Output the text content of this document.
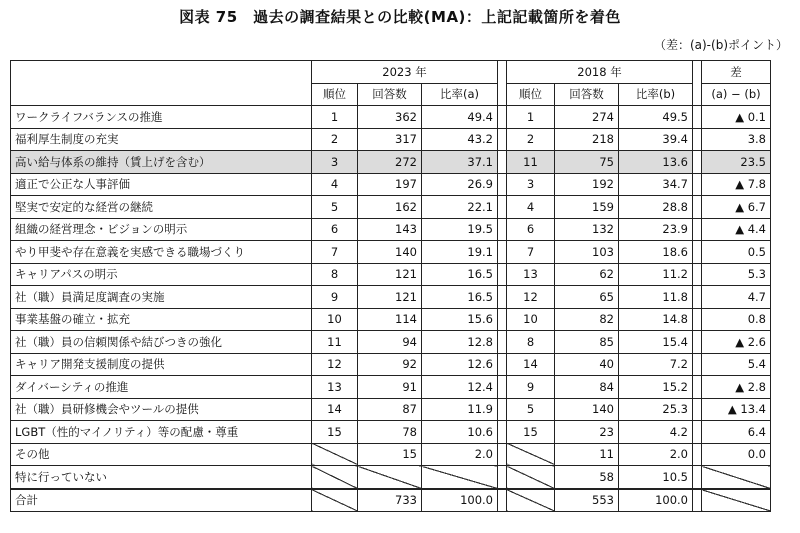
図表 75　過去の調査結果との比較(MA)：上記記載箇所を着色
（差：(a)-(b)ポイント）
	2023 年				2018 年				差
	順位	回答数	比率(a)		順位	回答数	比率(b)		(a) − (b)
ワークライフバランスの推進	1	362	49.4		1	274	49.5		▲ 0.1
福利厚生制度の充実	2	317	43.2		2	218	39.4		3.8
高い給与体系の維持（賃上げを含む）	3	272	37.1		11	75	13.6		23.5
適正で公正な人事評価	4	197	26.9		3	192	34.7		▲ 7.8
堅実で安定的な経営の継続	5	162	22.1		4	159	28.8		▲ 6.7
組織の経営理念・ビジョンの明示	6	143	19.5		6	132	23.9		▲ 4.4
やり甲斐や存在意義を実感できる職場づくり	7	140	19.1		7	103	18.6		0.5
キャリアパスの明示	8	121	16.5		13	62	11.2		5.3
社（職）員満足度調査の実施	9	121	16.5		12	65	11.8		4.7
事業基盤の確立・拡充	10	114	15.6		10	82	14.8		0.8
社（職）員の信頼関係や結びつきの強化	11	94	12.8		8	85	15.4		▲ 2.6
キャリア開発支援制度の提供	12	92	12.6		14	40	7.2		5.4
ダイバーシティの推進	13	91	12.4		9	84	15.2		▲ 2.8
社（職）員研修機会やツールの提供	14	87	11.9		5	140	25.3		▲ 13.4
LGBT（性的マイノリティ）等の配慮・尊重	15	78	10.6		15	23	4.2		6.4
その他		15	2.0			11	2.0		0.0
特に行っていない						58	10.5		
合計		733	100.0			553	100.0		
